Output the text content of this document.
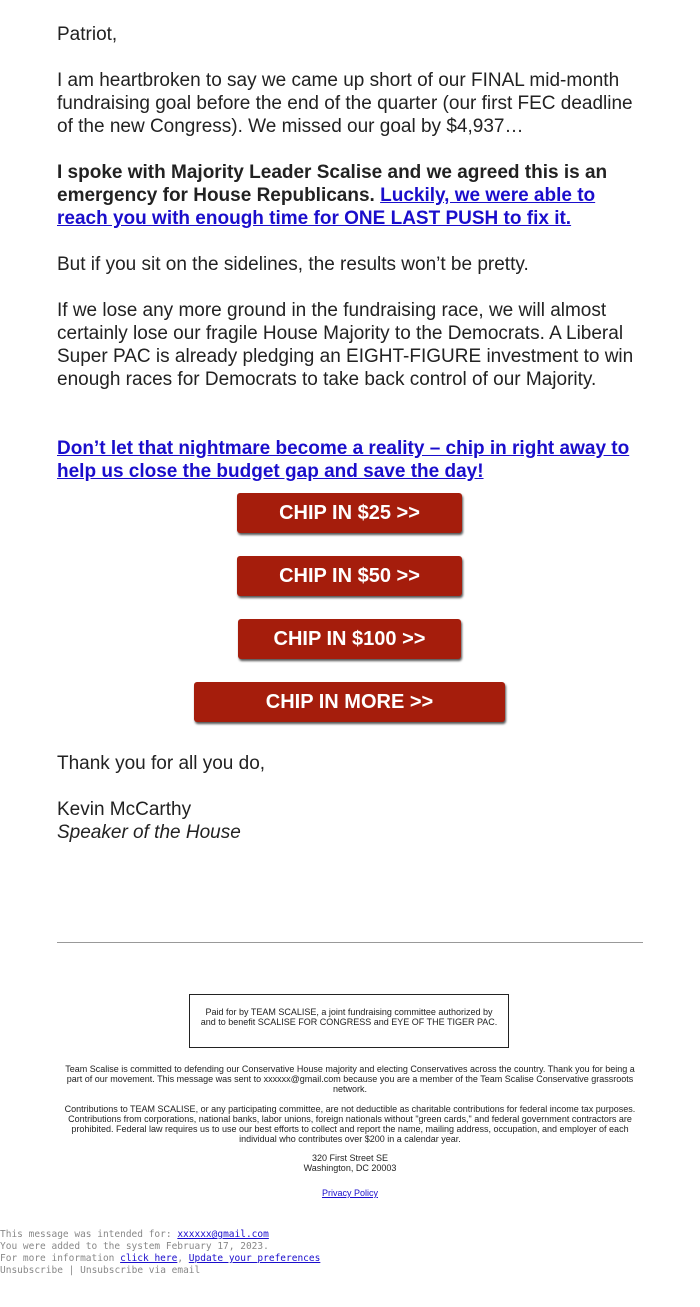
Patriot,

I am heartbroken to say we came up short of our FINAL mid-month fundraising goal before the end of the quarter (our first FEC deadline of the new Congress). We missed our goal by $4,937…

I spoke with Majority Leader Scalise and we agreed this is an emergency for House Republicans. Luckily, we were able to reach you with enough time for ONE LAST PUSH to fix it.

But if you sit on the sidelines, the results won’t be pretty.

If we lose any more ground in the fundraising race, we will almost certainly lose our fragile House Majority to the Democrats. A Liberal Super PAC is already pledging an EIGHT-FIGURE investment to win enough races for Democrats to take back control of our Majority.

Don’t let that nightmare become a reality – chip in right away to help us close the budget gap and save the day!

Thank you for all you do,

Kevin McCarthy

Speaker of the House

CHIP IN $25 >>
CHIP IN $50 >>
CHIP IN $100 >>
CHIP IN MORE >>
Paid for by TEAM SCALISE, a joint fundraising committee authorized by and to benefit SCALISE FOR CONGRESS and EYE OF THE TIGER PAC.
Team Scalise is committed to defending our Conservative House majority and electing Conservatives across the country. Thank you for being a part of our movement. This message was sent to xxxxxx@gmail.com because you are a member of the Team Scalise Conservative grassroots network.
Contributions to TEAM SCALISE, or any participating committee, are not deductible as charitable contributions for federal income tax purposes. Contributions from corporations, national banks, labor unions, foreign nationals without "green cards," and federal government contractors are prohibited. Federal law requires us to use our best efforts to collect and report the name, mailing address, occupation, and employer of each individual who contributes over $200 in a calendar year.
320 First Street SE
Washington, DC 20003
Privacy Policy
This message was intended for: xxxxxx@gmail.com
You were added to the system February 17, 2023.
For more information click here, Update your preferences
Unsubscribe | Unsubscribe via email
